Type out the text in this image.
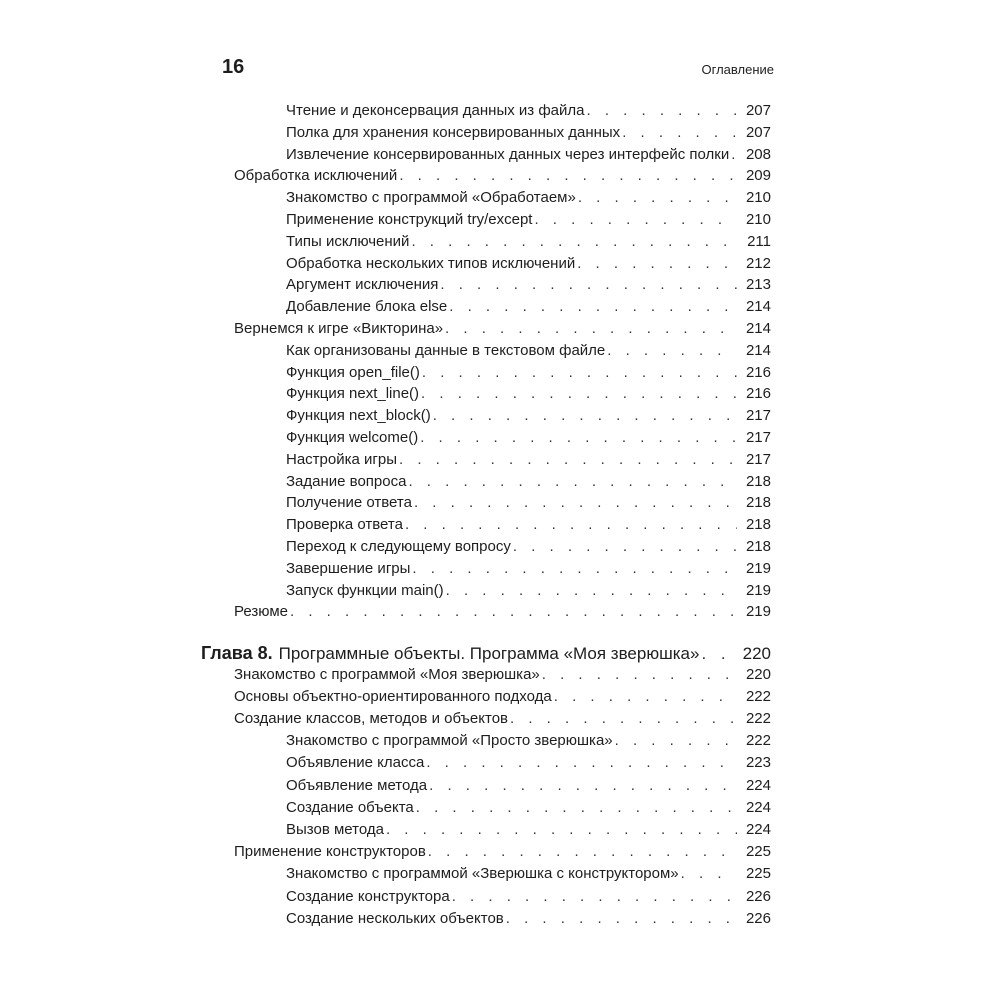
16	Оглавление
Чтение и деконсервация данных из файла . . .	207
Полка для хранения консервированных данных . . .	207
Извлечение консервированных данных через интерфейс полки . . .	208
Обработка исключений . . .	209
Знакомство с программой «Обработаем» . . .	210
Применение конструкций try/except . . .	210
Типы исключений . . .	211
Обработка нескольких типов исключений . . .	212
Аргумент исключения . . .	213
Добавление блока else . . .	214
Вернемся к игре «Викторина» . . .	214
Как организованы данные в текстовом файле . . .	214
Функция open_file() . . .	216
Функция next_line() . . .	216
Функция next_block() . . .	217
Функция welcome() . . .	217
Настройка игры . . .	217
Задание вопроса . . .	218
Получение ответа . . .	218
Проверка ответа . . .	218
Переход к следующему вопросу . . .	218
Завершение игры . . .	219
Запуск функции main() . . .	219
Резюме . . .	219
Глава 8. Программные объекты. Программа «Моя зверюшка» . . .	220
Знакомство с программой «Моя зверюшка» . . .	220
Основы объектно-ориентированного подхода . . .	222
Создание классов, методов и объектов . . .	222
Знакомство с программой «Просто зверюшка» . . .	222
Объявление класса . . .	223
Объявление метода . . .	224
Создание объекта . . .	224
Вызов метода . . .	224
Применение конструкторов . . .	225
Знакомство с программой «Зверюшка с конструктором» . . .	225
Создание конструктора . . .	226
Создание нескольких объектов . . .	226
